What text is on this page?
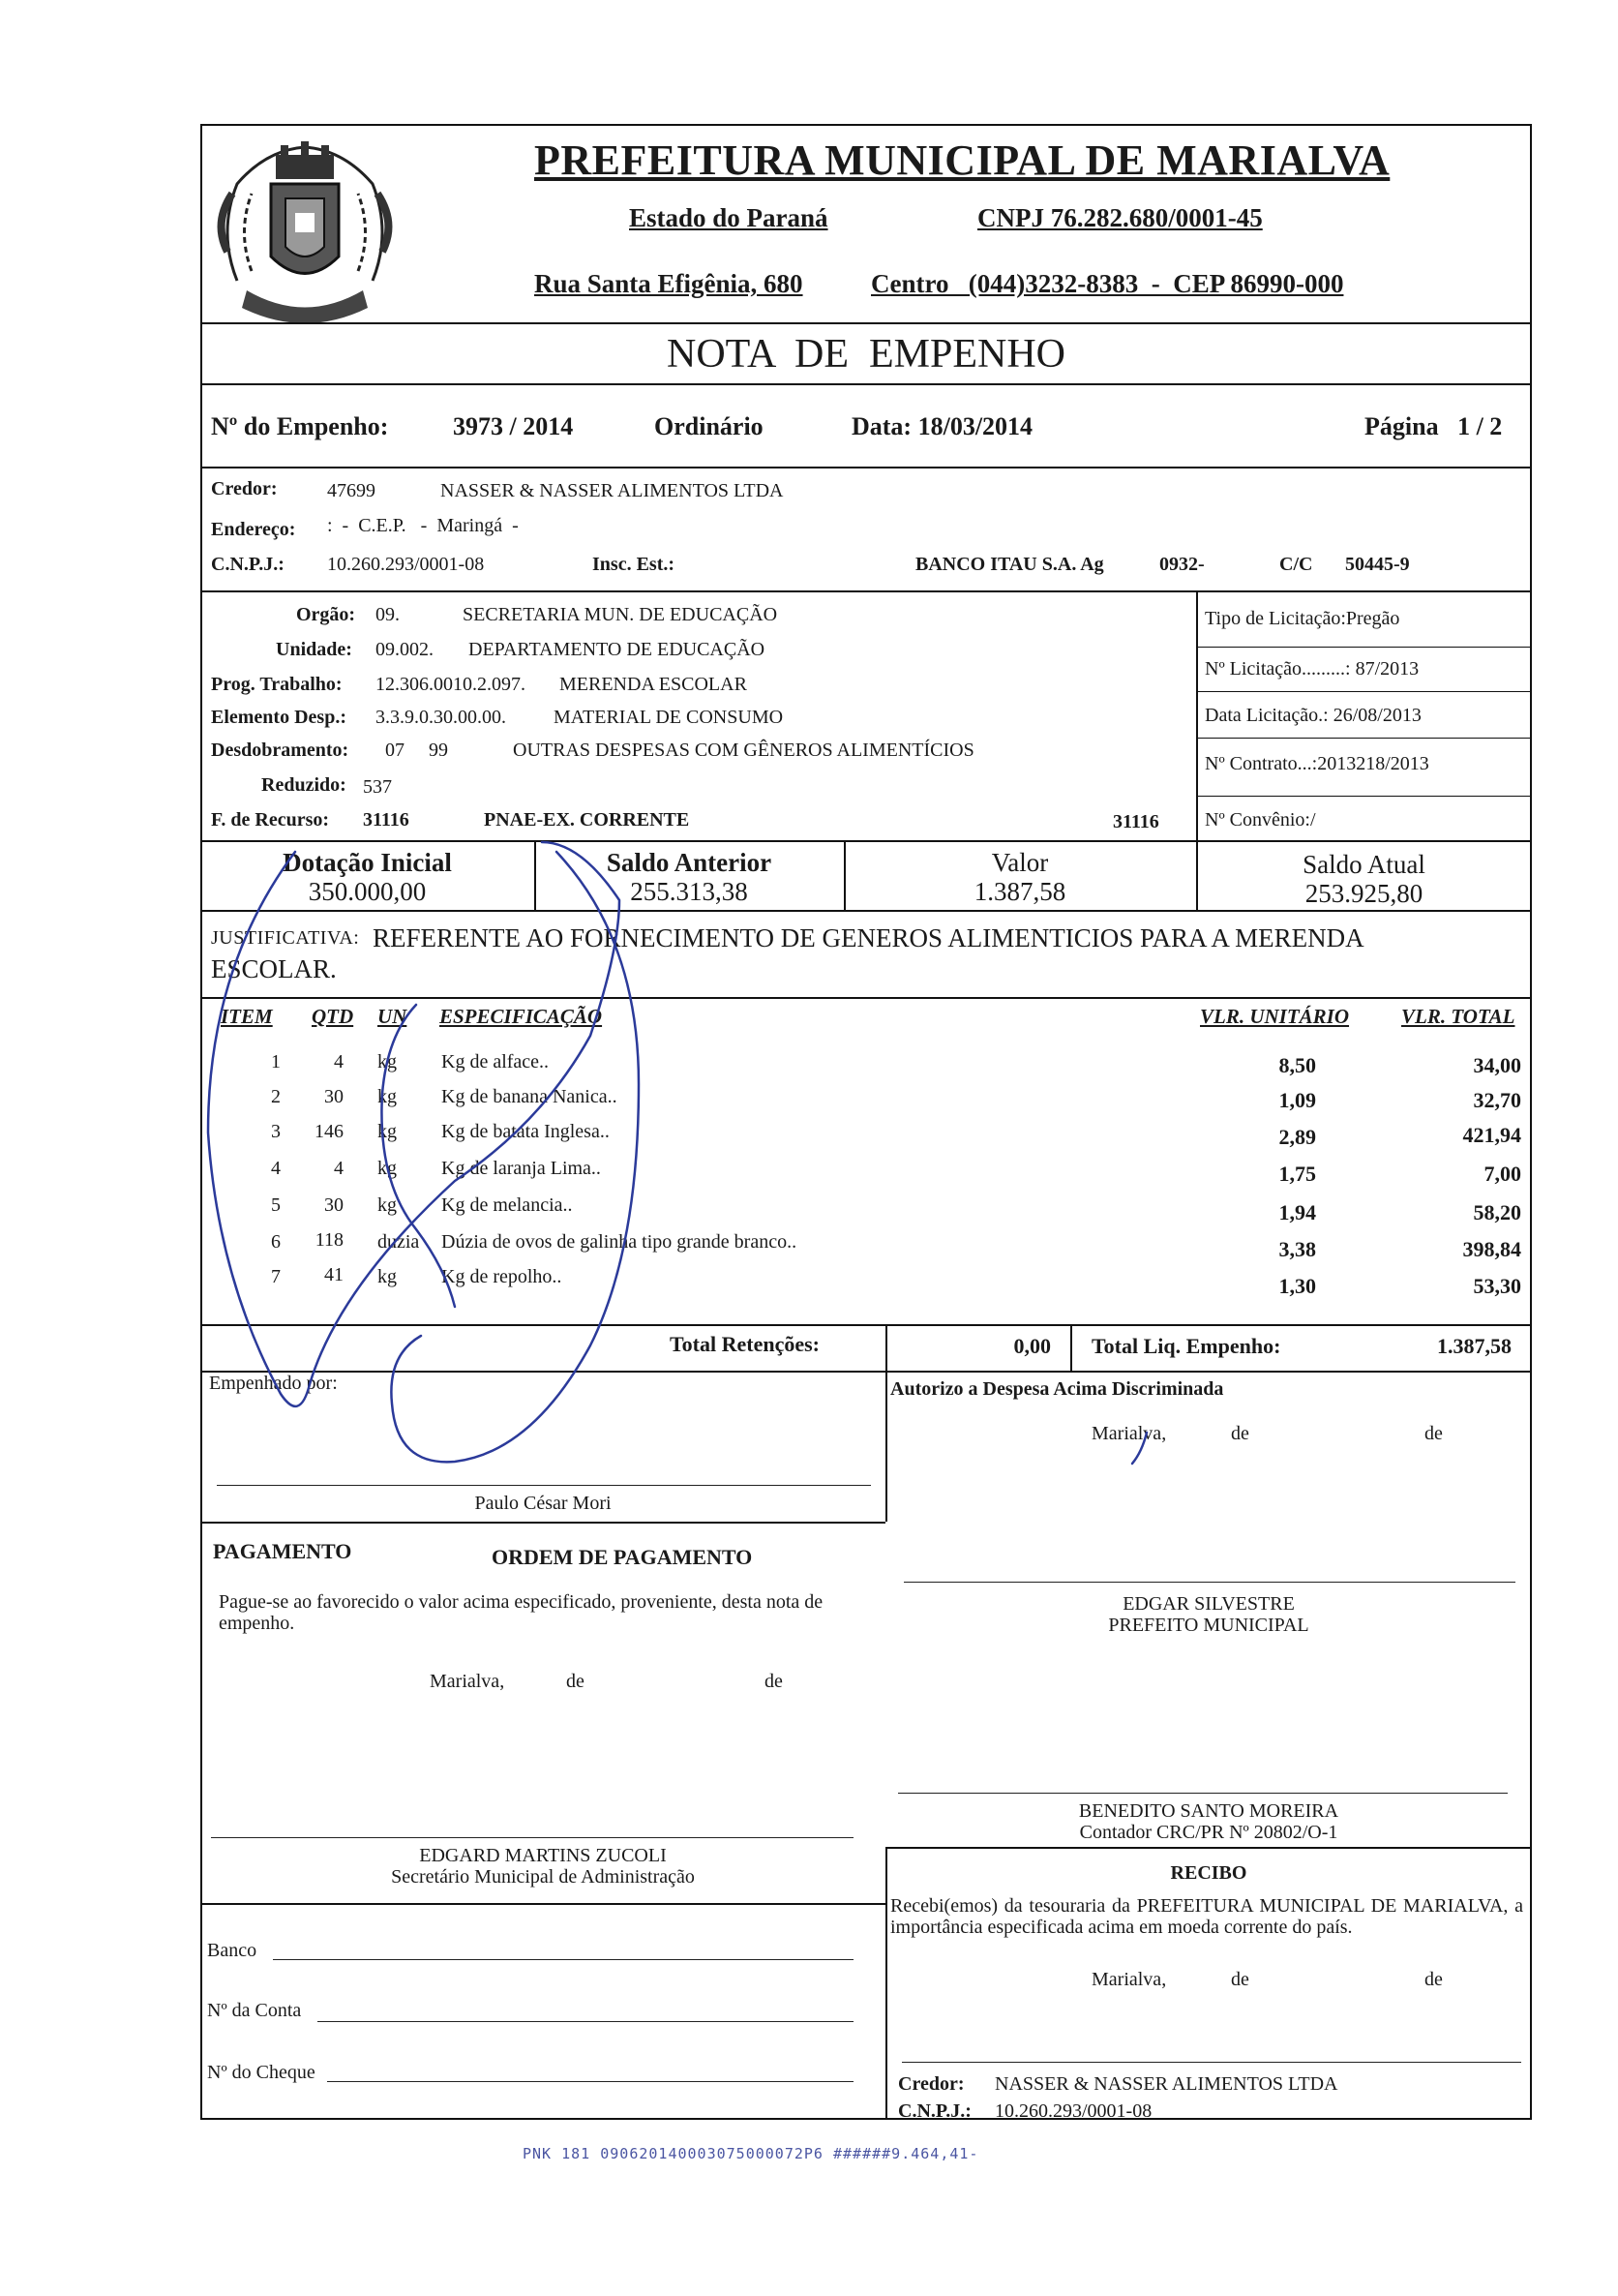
PREFEITURA MUNICIPAL DE MARIALVA
Estado do Paraná	CNPJ 76.282.680/0001-45
Rua Santa Efigênia, 680	Centro   (044)3232-8383  -  CEP 86990-000
NOTA  DE  EMPENHO
Nº do Empenho:	3973 / 2014	Ordinário	Data: 18/03/2014	Página   1 / 2
Credor:	47699	NASSER & NASSER ALIMENTOS LTDA
Endereço: :  -  C.E.P.   -  Maringá  -
C.N.P.J.: 10.260.293/0001-08	Insc. Est.:	BANCO ITAU S.A. Ag	0932-	C/C 50445-9
Orgão: 09.	SECRETARIA MUN. DE EDUCAÇÃO
Unidade: 09.002. DEPARTAMENTO DE EDUCAÇÃO
Prog. Trabalho: 12.306.0010.2.097. MERENDA ESCOLAR
Elemento Desp.: 3.3.9.0.30.00.00. MATERIAL DE CONSUMO
Desdobramento: 07     99	OUTRAS DESPESAS COM GÊNEROS ALIMENTÍCIOS
Reduzido: 537
F. de Recurso: 31116	PNAE-EX. CORRENTE	31116
Tipo de Licitação:Pregão
Nº Licitação.........: 87/2013
Data Licitação.: 26/08/2013
Nº Contrato...:2013218/2013
Nº Convênio:/
Dotação Inicial
350.000,00
Saldo Anterior
255.313,38
Valor
1.387,58
Saldo Atual
253.925,80
JUSTIFICATIVA: REFERENTE AO FORNECIMENTO DE GENEROS ALIMENTICIOS PARA A MERENDA
ESCOLAR.
ITEM QTD UN ESPECIFICAÇÃO	VLR. UNITÁRIO	VLR. TOTAL
1	4 kg Kg de alface..	8,50	34,00
2	30 kg Kg de banana Nanica..	1,09	32,70
3	146 kg Kg de batata Inglesa..	2,89	421,94
4	4 kg Kg de laranja Lima..	1,75	7,00
5	30 kg Kg de melancia..	1,94	58,20
6	118 duzia Dúzia de ovos de galinha tipo grande branco..	3,38	398,84
7	41 kg Kg de repolho..	1,30	53,30
Total Retenções:	0,00 Total Liq. Empenho:	1.387,58
Empenhado por:
Paulo César Mori
Autorizo a Despesa Acima Discriminada
Marialva,	de	de
PAGAMENTO	ORDEM DE PAGAMENTO
Pague-se ao favorecido o valor acima especificado, proveniente, desta nota de empenho.
Marialva,	de	de
EDGARD MARTINS ZUCOLI
Secretário Municipal de Administração
EDGAR SILVESTRE
PREFEITO MUNICIPAL
BENEDITO SANTO MOREIRA
Contador CRC/PR Nº 20802/O-1
RECIBO
Recebi(emos) da tesouraria da PREFEITURA MUNICIPAL DE MARIALVA, a importância especificada acima em moeda corrente do país.
Marialva,	de	de
Banco
Nº da Conta
Nº do Cheque
Credor: NASSER & NASSER ALIMENTOS LTDA
C.N.P.J.: 10.260.293/0001-08
PNK 181 090620140003075000072P6 ######9.464,41-
